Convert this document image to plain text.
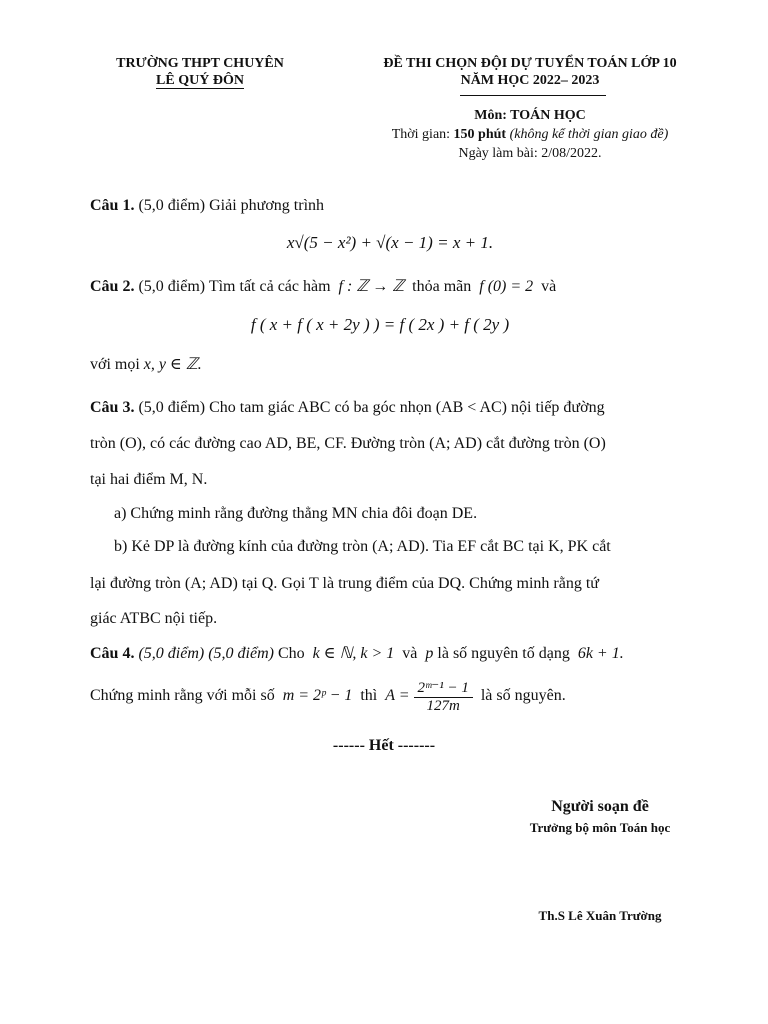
TRƯỜNG THPT CHUYÊN
LÊ QUÝ ĐÔN
ĐỀ THI CHỌN ĐỘI DỰ TUYỂN TOÁN LỚP 10
NĂM HỌC 2022– 2023
Môn: TOÁN HỌC
Thời gian: 150 phút (không kể thời gian giao đề)
Ngày làm bài: 2/08/2022.
Câu 1. (5,0 điểm) Giải phương trình
x√(5 − x²) + √(x − 1) = x + 1.
Câu 2. (5,0 điểm) Tìm tất cả các hàm f : ℤ → ℤ thỏa mãn f (0) = 2 và
f ( x + f ( x + 2y ) ) = f ( 2x ) + f ( 2y )
với mọi x, y ∈ ℤ.
Câu 3. (5,0 điểm) Cho tam giác ABC có ba góc nhọn (AB < AC) nội tiếp đường
tròn (O), có các đường cao AD, BE, CF. Đường tròn (A; AD) cắt đường tròn (O)
tại hai điểm M, N.
a) Chứng minh rằng đường thẳng MN chia đôi đoạn DE.
b) Kẻ DP là đường kính của đường tròn (A; AD). Tia EF cắt BC tại K, PK cắt
lại đường tròn (A; AD) tại Q. Gọi T là trung điểm của DQ. Chứng minh rằng tứ
giác ATBC nội tiếp.
Câu 4. (5,0 điểm) (5,0 điểm) Cho k ∈ ℕ, k > 1 và p là số nguyên tố dạng 6k + 1.
Chứng minh rằng với mỗi số m = 2ᵖ − 1 thì $A = \frac{\text{2ᵐ⁻¹ − 1}}{127m}$ là số nguyên.
------ Hết -------
Người soạn đề
Trưởng bộ môn Toán học
Th.S Lê Xuân Trường
